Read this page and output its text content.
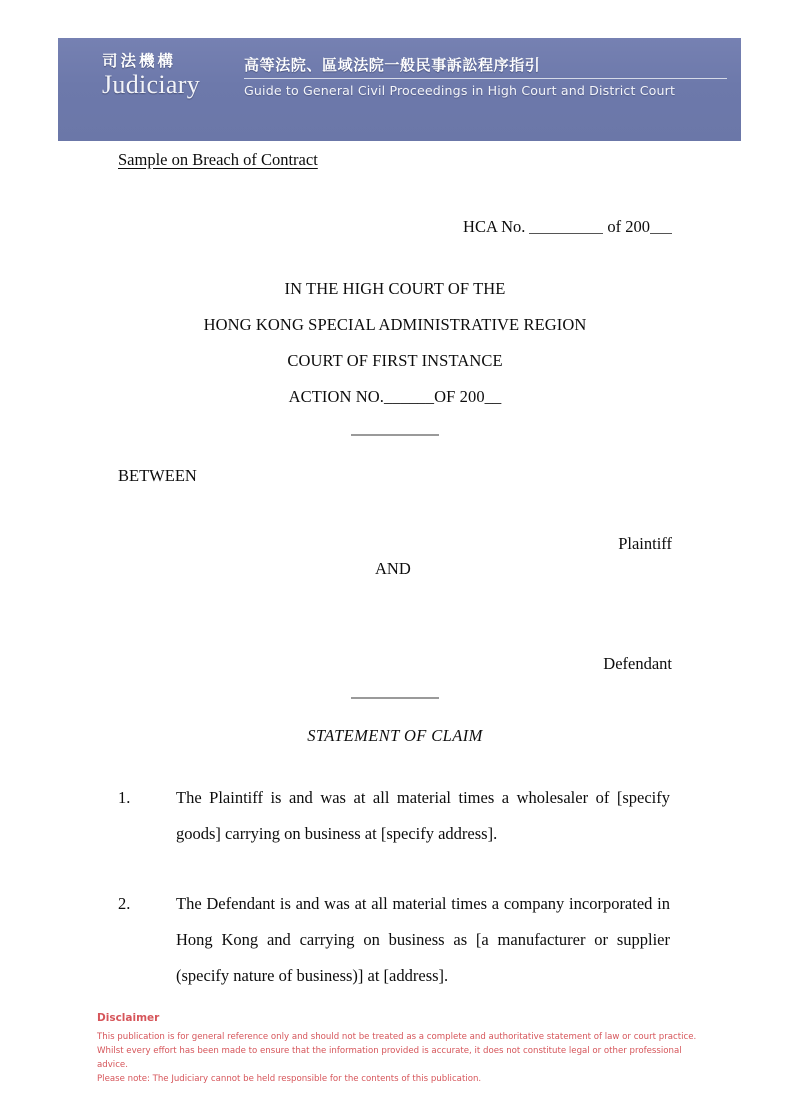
司法機構
Judiciary
高等法院、區域法院一般民事訴訟程序指引
Guide to General Civil Proceedings in High Court and District Court
Sample on Breach of Contract
HCA No.	of 200
IN THE HIGH COURT OF THE
HONG KONG SPECIAL ADMINISTRATIVE REGION
COURT OF FIRST INSTANCE
ACTION NO.______OF 200__
BETWEEN
Plaintiff
AND
Defendant
STATEMENT OF CLAIM
1.	The Plaintiff is and was at all material times a wholesaler of [specify goods] carrying on business at [specify address].
2.	The Defendant is and was at all material times a company incorporated in Hong Kong and carrying on business as [a manufacturer or supplier (specify nature of business)] at [address].
Disclaimer

This publication is for general reference only and should not be treated as a complete and authoritative statement of law or court practice. Whilst every effort has been made to ensure that the information provided is accurate, it does not constitute legal or other professional advice.

Please note: The Judiciary cannot be held responsible for the contents of this publication.
